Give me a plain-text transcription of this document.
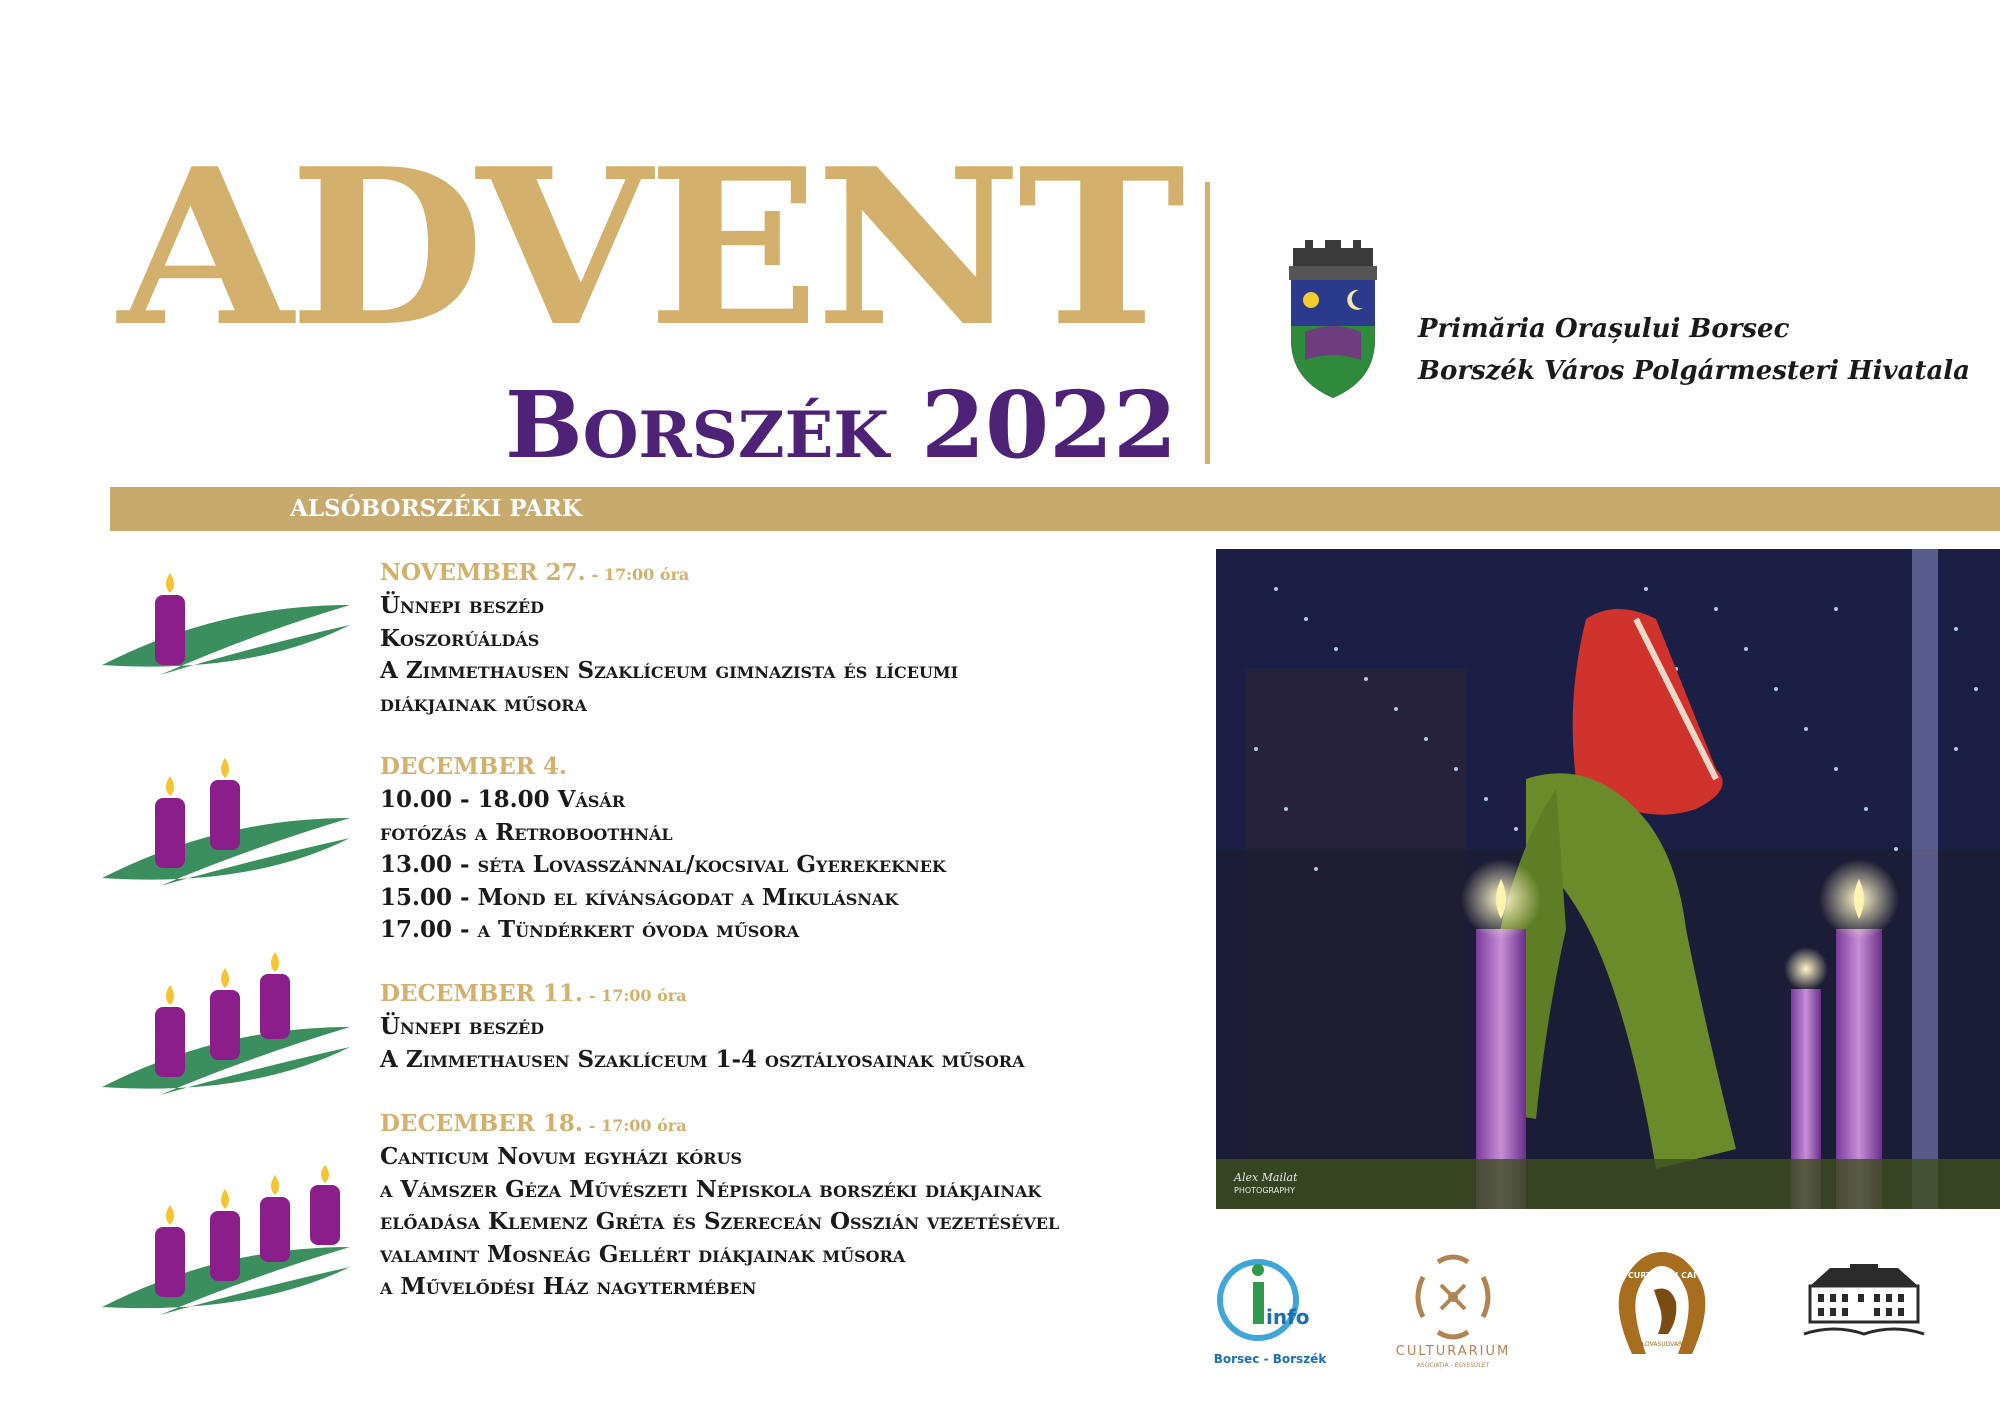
ADVENT
Borszék 2022
Primăria Orașului Borsec
Borszék Város Polgármesteri Hivatala
ALSÓBORSZÉKI PARK
NOVEMBER 27. - 17:00 óra
Ünnepi beszéd
Koszorúáldás
A Zimmethausen Szaklíceum gimnazista és líceumi
diákjainak műsora
DECEMBER 4.
10.00 - 18.00 Vásár
fotózás a Retroboothnál
13.00 - séta Lovasszánnal/kocsival Gyerekeknek
15.00 - Mond el kívánságodat a Mikulásnak
17.00 - a Tündérkert óvoda műsora
DECEMBER 11. - 17:00 óra
Ünnepi beszéd
A Zimmethausen Szaklíceum 1-4 osztályosainak műsora
DECEMBER 18. - 17:00 óra
Canticum Novum egyházi kórus
a Vámszer Géza Művészeti Népiskola borszéki diákjainak
előadása Klemenz Gréta és Szereceán Osszián vezetésével
valamint Mosneág Gellért diákjainak műsora
a Művelődési Ház nagytermében
Alex Mailat
PHOTOGRAPHY
info
Borsec - Borszék	CULTURARIUM
ASOCIAȚIA - EGYESÜLET
CURTEA CU CAI
LOVASUDVAR
